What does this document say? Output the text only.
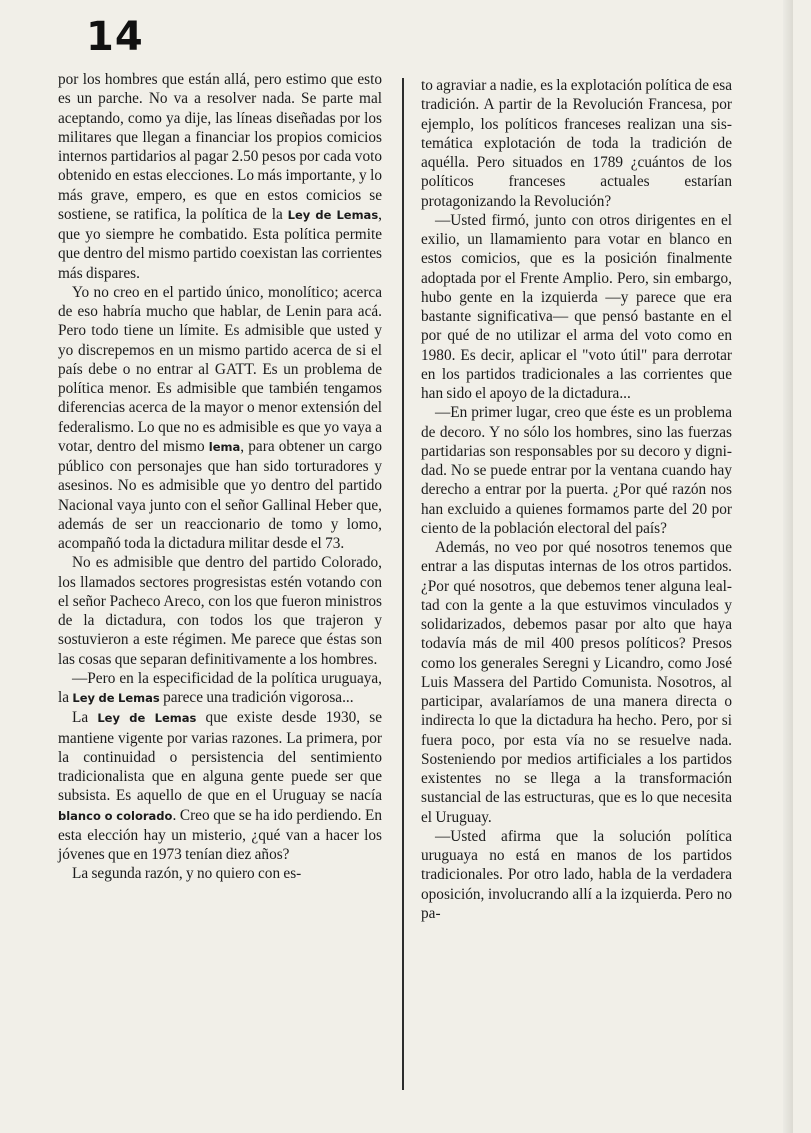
14

por los hombres que están allá, pero estimo que esto es un parche. No va a resolver nada. Se parte mal aceptando, como ya dije, las líneas diseñadas por los militares que llegan a financiar los propios comicios internos partidarios al pagar 2.50 pesos por cada voto obtenido en estas elecciones. Lo más importante, y lo más grave, empero, es que en estos comicios se sostiene, se ratifica, la política de la Ley de Lemas, que yo siempre he combatido. Esta política permite que dentro del mismo partido coexistan las corrientes más dispares.

Yo no creo en el partido único, monolítico; acerca de eso habría mucho que hablar, de Lenin para acá. Pero todo tiene un límite. Es admisible que usted y yo discrepemos en un mismo partido acerca de si el país debe o no entrar al GATT. Es un problema de política menor. Es admisible que también tengamos diferencias acerca de la mayor o menor extensión del federalismo. Lo que no es admisible es que yo vaya a votar, dentro del mismo lema, para obtener un cargo público con personajes que han sido torturadores y asesinos. No es admisible que yo dentro del partido Nacional vaya junto con el señor Gallinal Heber que, además de ser un reaccionario de tomo y lomo, acompañó toda la dictadura militar desde el 73.

No es admisible que dentro del partido Colorado, los llamados sectores progresistas estén votando con el señor Pacheco Areco, con los que fueron ministros de la dictadura, con todos los que trajeron y sostuvieron a este régimen. Me parece que éstas son las cosas que separan definitivamente a los hombres.

—Pero en la especificidad de la política uruguaya, la Ley de Lemas parece una tradición vigorosa...

La Ley de Lemas que existe desde 1930, se mantiene vigente por varias razones. La primera, por la continuidad o persistencia del sentimiento tradicionalista que en alguna gente puede ser que subsista. Es aquello de que en el Uruguay se nacía blanco o colorado. Creo que se ha ido perdiendo. En esta elección hay un misterio, ¿qué van a hacer los jóvenes que en 1973 tenían diez años?

La segunda razón, y no quiero con es-

to agraviar a nadie, es la explotación política de esa tradición. A partir de la Revolución Francesa, por ejemplo, los políticos franceses realizan una sistemática explotación de toda la tradición de aquélla. Pero situados en 1789 ¿cuántos de los políticos franceses actuales estarían protagonizando la Revolución?

—Usted firmó, junto con otros dirigentes en el exilio, un llamamiento para votar en blanco en estos comicios, que es la posición finalmente adoptada por el Frente Amplio. Pero, sin embargo, hubo gente en la izquierda —y parece que era bastante significativa— que pensó bastante en el por qué de no utilizar el arma del voto como en 1980. Es decir, aplicar el "voto útil" para derrotar en los partidos tradicionales a las corrientes que han sido el apoyo de la dictadura...

—En primer lugar, creo que éste es un problema de decoro. Y no sólo los hombres, sino las fuerzas partidarias son responsables por su decoro y dignidad. No se puede entrar por la ventana cuando hay derecho a entrar por la puerta. ¿Por qué razón nos han excluido a quienes formamos parte del 20 por ciento de la población electoral del país?

Además, no veo por qué nosotros tenemos que entrar a las disputas internas de los otros partidos. ¿Por qué nosotros, que debemos tener alguna lealtad con la gente a la que estuvimos vinculados y solidarizados, debemos pasar por alto que haya todavía más de mil 400 presos políticos? Presos como los generales Seregni y Licandro, como José Luis Massera del Partido Comunista. Nosotros, al participar, avalaríamos de una manera directa o indirecta lo que la dictadura ha hecho. Pero, por si fuera poco, por esta vía no se resuelve nada. Sosteniendo por medios artificiales a los partidos existentes no se llega a la transformación sustancial de las estructuras, que es lo que necesita el Uruguay.

—Usted afirma que la solución política uruguaya no está en manos de los partidos tradicionales. Por otro lado, habla de la verdadera oposición, involucrando allí a la izquierda. Pero no pa-
